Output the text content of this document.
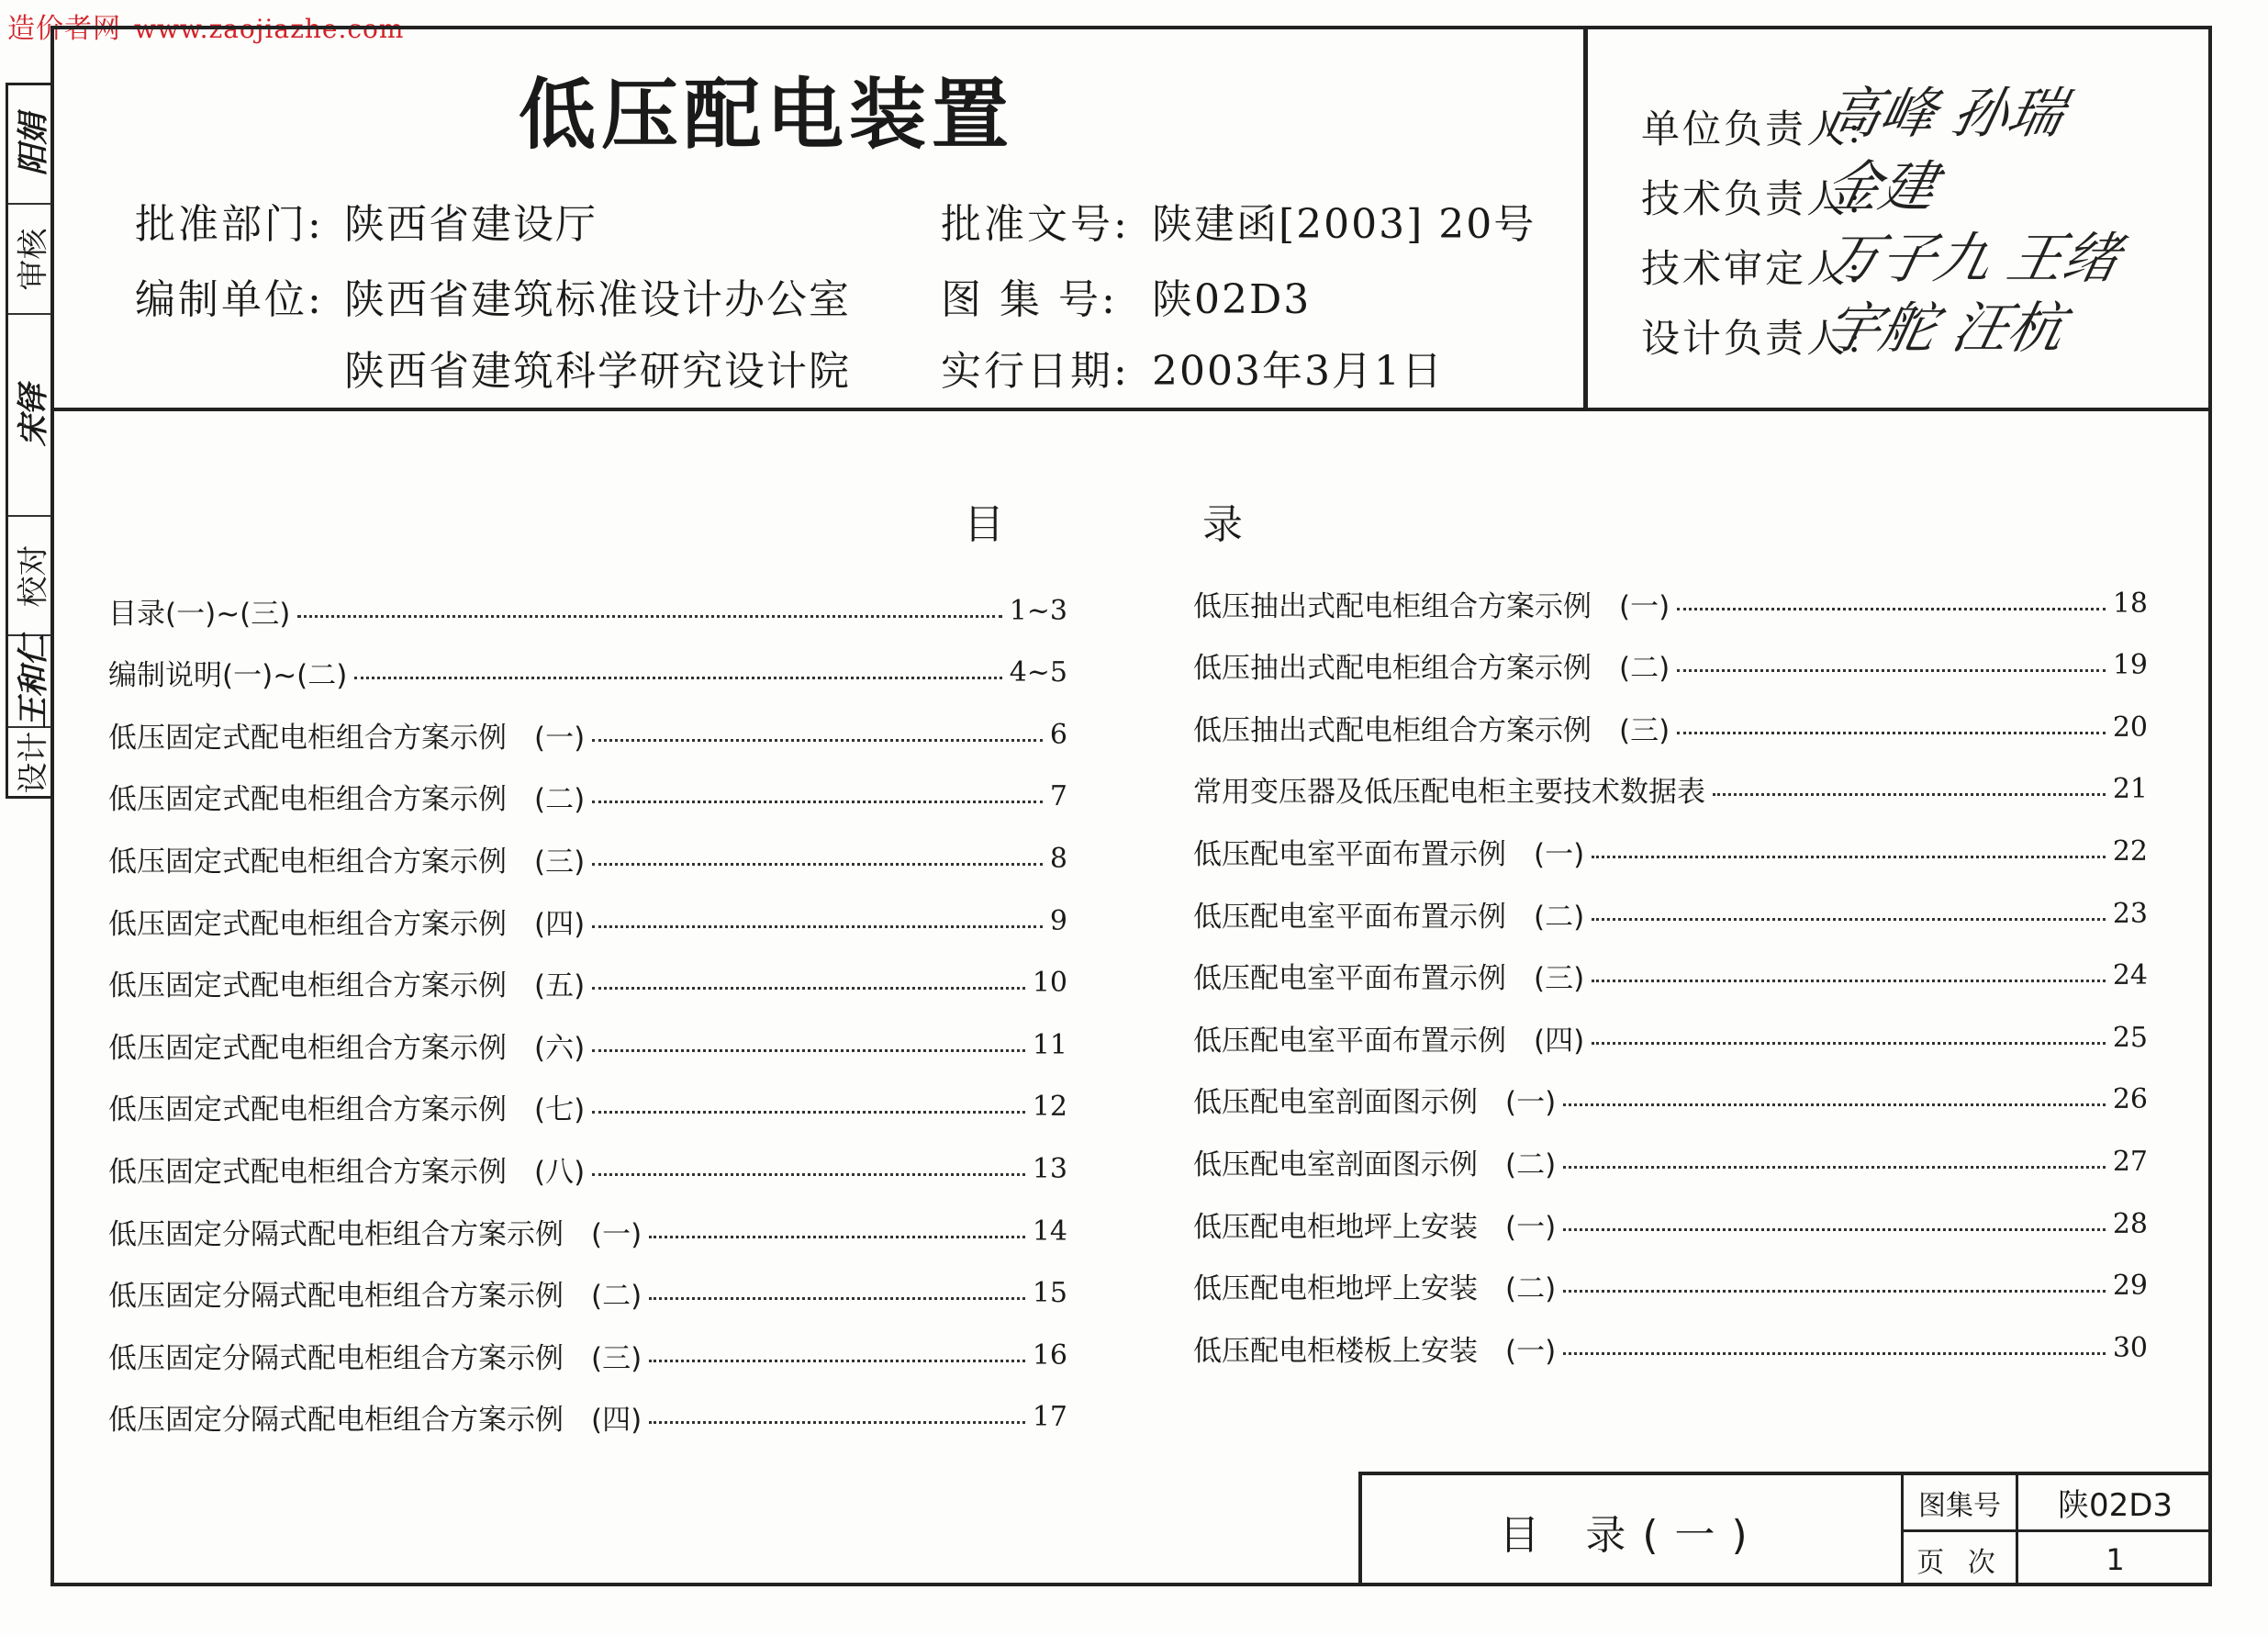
造价者网 www.zaojiazhe.com
阳娟
审核
宋铎
校对
王和仁
设计
低压配电装置
批准部门: 陕西省建设厅
编制单位: 陕西省建筑标准设计办公室
陕西省建筑科学研究设计院
批准文号: 陕建函[2003] 20号
图 集 号: 陕02D3
实行日期: 2003年3月1日
单位负责人:
高峰 孙瑞
技术负责人:
金建
技术审定人:
万子九 王绪
设计负责人:
宇舵 汪杭
目	录
目录(一)~(三)	1~3
编制说明(一)~(二)	4~5
低压固定式配电柜组合方案示例 (一)	6
低压固定式配电柜组合方案示例 (二)	7
低压固定式配电柜组合方案示例 (三)	8
低压固定式配电柜组合方案示例 (四)	9
低压固定式配电柜组合方案示例 (五)	10
低压固定式配电柜组合方案示例 (六)	11
低压固定式配电柜组合方案示例 (七)	12
低压固定式配电柜组合方案示例 (八)	13
低压固定分隔式配电柜组合方案示例 (一)	14
低压固定分隔式配电柜组合方案示例 (二)	15
低压固定分隔式配电柜组合方案示例 (三)	16
低压固定分隔式配电柜组合方案示例 (四)	17
低压抽出式配电柜组合方案示例 (一)	18
低压抽出式配电柜组合方案示例 (二)	19
低压抽出式配电柜组合方案示例 (三)	20
常用变压器及低压配电柜主要技术数据表	21
低压配电室平面布置示例 (一)	22
低压配电室平面布置示例 (二)	23
低压配电室平面布置示例 (三)	24
低压配电室平面布置示例 (四)	25
低压配电室剖面图示例 (一)	26
低压配电室剖面图示例 (二)	27
低压配电柜地坪上安装 (一)	28
低压配电柜地坪上安装 (二)	29
低压配电柜楼板上安装 (一)	30
目 录(一)
图集号	陕02D3
页 次	1
